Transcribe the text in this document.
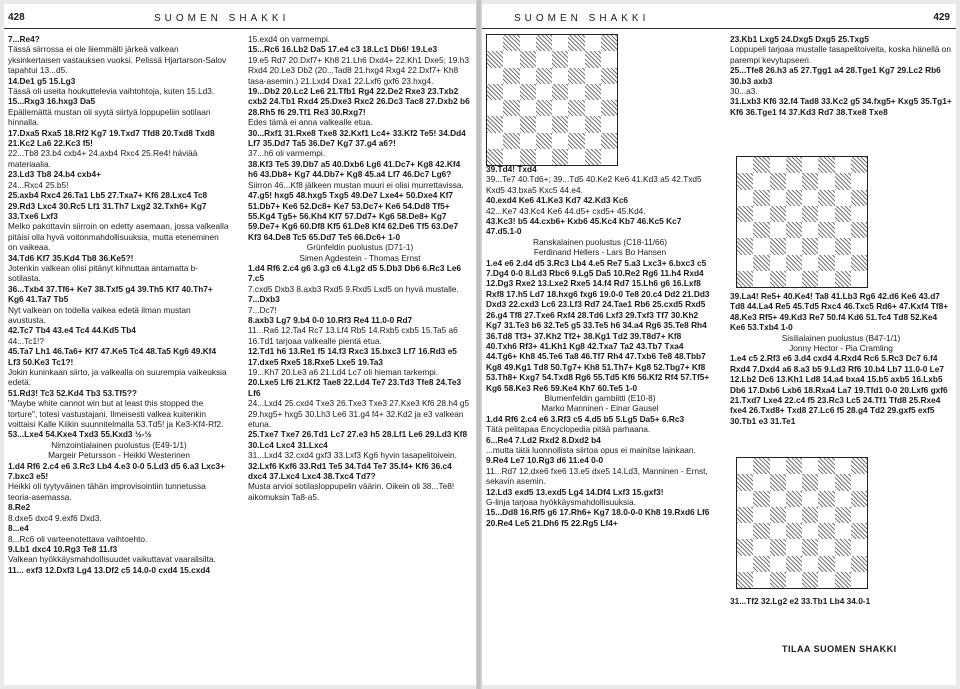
428	SUOMEN SHAKKI

7...Re4?

Tässä siirrossa ei ole liiemmälti järkeä valkean yksinkertaisen vastauksen vuoksi. Pelissä Hjartarson-Salov tapahtui 13...d5.

14.De1 g5 15.Lg3

Tässä oli useita houkuttelevia vaihtohtoja, kuten 15.Ld3.

15...Rxg3 16.hxg3 Da5

Epäilemättä mustan oli syytä siirtyä loppupeliin sotilaan hinnalla.

17.Dxa5 Rxa5 18.Rf2 Kg7 19.Txd7 Tfd8 20.Txd8 Txd8 21.Kc2 La6 22.Kc3 f5!

22...Tb8 23.b4 cxb4+ 24.axb4 Rxc4 25.Re4! häviää materiaalia.

23.Ld3 Tb8 24.b4 cxb4+

24...Rxc4 25.b5!

25.axb4 Rxc4 26.Ta1 Lb5 27.Txa7+ Kf6 28.Lxc4 Tc8 29.Rd3 Lxc4 30.Rc5 Lf1 31.Th7 Lxg2 32.Txh6+ Kg7 33.Txe6 Lxf3

Melko pakottavin siirroin on edetty asemaan, jossa valkealla pitäisi olla hyvä voitonmahdollisuuksia, mutta eteneminen on vaikeaa.

34.Td6 Kf7 35.Kd4 Tb8 36.Ke5?!

Jotenkin valkean olisi pitänyt kihnuttaa antamatta b-sotilasta.

36...Txb4 37.Tf6+ Ke7 38.Txf5 g4 39.Th5 Kf7 40.Th7+ Kg6 41.Ta7 Tb5

Nyt valkean on todella vaikea edetä ilman mustan avustusta.

42.Tc7 Tb4 43.e4 Tc4 44.Kd5 Tb4

44...Tc1!?

45.Ta7 Lh1 46.Ta6+ Kf7 47.Ke5 Tc4 48.Ta5 Kg6 49.Kf4 Lf3 50.Ke3 Tc1?!

Jokin kuninkaan siirto, ja valkealla on suurempia vaikeuksia edetä.

51.Rd3! Tc3 52.Kd4 Tb3 53.Tf5??

"Maybe white cannot win but at least this stopped the torture", totesi vastustajani. Ilmeisesti valkea kuitenkin voittaisi Kalle Kiikin suunnitelmalla 53.Td5! ja Ke3-Kf4-Rf2.

53...Lxe4 54.Kxe4 Txd3 55.Kxd3 ½-½

Nimzointialainen puolustus (E49-1/1)

Margeir Petursson - Heikki Westerinen

1.d4 Rf6 2.c4 e6 3.Rc3 Lb4 4.e3 0-0 5.Ld3 d5 6.a3 Lxc3+ 7.bxc3 e5!

Heikki oli tyytyväinen tähän improvisointiin tunnetussa teoria-asemassa.

8.Re2

8.dxe5 dxc4 9.exf6 Dxd3.

8...e4

8...Rc6 oli varteenotettava vaihtoehto.

9.Lb1 dxc4 10.Rg3 Te8 11.f3

Valkean hyökkäysmahdollisuudet vaikuttavat vaaralisilta.

11... exf3 12.Dxf3 Lg4 13.Df2 c5 14.0-0 cxd4 15.cxd4

15.exd4 on varmempi.

15...Rc6 16.Lb2 Da5 17.e4 c3 18.Lc1 Db6! 19.Le3

19.e5 Rd7 20.Dxf7+ Kh8 21.Lh6 Dxd4+ 22.Kh1 Dxe5; 19.h3 Rxd4 20.Le3 Db2 (20...Tad8 21.hxg4 Rxg4 22.Dxf7+ Kh8 tasa-asemin.) 21.Lxd4 Dxa1 22.Lxf6 gxf6 23.hxg4.

19...Db2 20.Lc2 Le6 21.Tfb1 Rg4 22.De2 Rxe3 23.Txb2 cxb2 24.Tb1 Rxd4 25.Dxe3 Rxc2 26.Dc3 Tac8 27.Dxb2 b6 28.Rh5 f6 29.Tf1 Re3 30.Rxg7!

Edes tämä ei anna valkealle etua.

30...Rxf1 31.Rxe8 Txe8 32.Kxf1 Lc4+ 33.Kf2 Te5! 34.Dd4 Lf7 35.Dd7 Ta5 36.De7 Kg7 37.g4 a6?!

37...h6 oli varmempi.

38.Kf3 Te5 39.Db7 a5 40.Dxb6 Lg6 41.Dc7+ Kg8 42.Kf4 h6 43.Db8+ Kg7 44.Db7+ Kg8 45.a4 Lf7 46.Dc7 Lg6?

Siirron 46...Kf8 jälkeen mustan muuri ei olisi murrettavissa.

47.g5! hxg5 48.hxg5 Txg5 49.De7 Lxe4+ 50.Dxe4 Kf7 51.Db7+ Ke6 52.Dc8+ Ke7 53.Dc7+ Ke6 54.Dd8 Tf5+ 55.Kg4 Tg5+ 56.Kh4 Kf7 57.Dd7+ Kg6 58.De8+ Kg7 59.De7+ Kg6 60.Df8 Kf5 61.De8 Kf4 62.De6 Tf5 63.De7 Kf3 64.De8 Tc5 65.Dd7 Te5 66.Dc6+ 1-0

Grünfeldin puolustus (D71-1)

Simen Agdestein - Thomas Ernst

1.d4 Rf6 2.c4 g6 3.g3 c6 4.Lg2 d5 5.Db3 Db6 6.Rc3 Le6 7.c5

7.cxd5 Dxb3 8.axb3 Rxd5 9.Rxd5 Lxd5 on hyvä mustalle.

7...Dxb3

7...Dc7!

8.axb3 Lg7 9.b4 0-0 10.Rf3 Re4 11.0-0 Rd7

11...Ra6 12.Ta4 Rc7 13.Lf4 Rb5 14.Rxb5 cxb5 15.Ta5 a6 16.Td1 tarjoaa valkealle pientä etua.

12.Td1 h6 13.Re1 f5 14.f3 Rxc3 15.bxc3 Lf7 16.Rd3 e5 17.dxe5 Rxe5 18.Rxe5 Lxe5 19.Ta3

19...Kh7 20.Le3 a6 21.Ld4 Lc7 oli hieman tarkempi.

20.Lxe5 Lf6 21.Kf2 Tae8 22.Ld4 Te7 23.Td3 Tfe8 24.Te3 Lf6

24...Lxd4 25.cxd4 Txe3 26.Txe3 Txe3 27.Kxe3 Kf6 28.h4 g5 29.hxg5+ hxg5 30.Lh3 Le6 31.g4 f4+ 32.Kd2 ja e3 valkean etuna.

25.Txe7 Txe7 26.Td1 Lc7 27.e3 h5 28.Lf1 Le6 29.Ld3 Kf8 30.Lc4 Lxc4 31.Lxc4

31...Lxd4 32.cxd4 gxf3 33.Lxf3 Kg6 hyvin tasapelitoivein.

32.Lxf6 Kxf6 33.Rd1 Te5 34.Td4 Te7 35.f4+ Kf6 36.c4 dxc4 37.Lxc4 Lxc4 38.Txc4 Td7?

Musta arvioi sotilasloppupelin väärin. Oikein oli 38...Te8! aikomuksin Ta8-a5.

SUOMEN SHAKKI	429

39.Td4! Txd4

39...Te7 40.Td6+; 39...Td5 40.Ke2 Ke6 41.Kd3 a5 42.Txd5 Kxd5 43.bxa5 Kxc5 44.e4.

40.exd4 Ke6 41.Ke3 Kd7 42.Kd3 Kc6

42...Ke7 43.Kc4 Ke6 44.d5+ cxd5+ 45.Kd4.

43.Kc3! b5 44.cxb6+ Kxb6 45.Kc4 Kb7 46.Kc5 Kc7 47.d5.1-0

Ranskalainen puolustus (C18-11/66)

Ferdinand Hellers - Lars Bo Hansen

1.e4 e6 2.d4 d5 3.Rc3 Lb4 4.e5 Re7 5.a3 Lxc3+ 6.bxc3 c5 7.Dg4 0-0 8.Ld3 Rbc6 9.Lg5 Da5 10.Re2 Rg6 11.h4 Rxd4 12.Dg3 Rxe2 13.Lxe2 Rxe5 14.f4 Rd7 15.Lh6 g6 16.Lxf8 Rxf8 17.h5 Ld7 18.hxg6 fxg6 19.0-0 Te8 20.c4 Dd2 21.Dd3 Dxd3 22.cxd3 Lc6 23.Lf3 Rd7 24.Tae1 Rb6 25.cxd5 Rxd5 26.g4 Tf8 27.Txe6 Rxf4 28.Td6 Lxf3 29.Txf3 Tf7 30.Kh2 Kg7 31.Te3 b6 32.Te5 g5 33.Te5 h6 34.a4 Rg6 35.Te8 Rh4 36.Td8 Tf3+ 37.Kh2 Tf2+ 38.Kg1 Td2 39.T8d7+ Kf8 40.Txh6 Rf3+ 41.Kh1 Kg8 42.Txa7 Ta2 43.Tb7 Txa4 44.Tg6+ Kh8 45.Te6 Ta8 46.Tf7 Rh4 47.Txb6 Te8 48.Tbb7 Kg8 49.Kg1 Td8 50.Tg7+ Kh8 51.Th7+ Kg8 52.Tbg7+ Kf8 53.Th8+ Kxg7 54.Txd8 Rg6 55.Td5 Kf6 56.Kf2 Rf4 57.Tf5+ Kg6 58.Ke3 Re6 59.Ke4 Kh7 60.Te5 1-0

Blumenfeldin gambiitti (E10-8)

Marko Manninen - Einar Gausel

1.d4 Rf6 2.c4 e6 3.Rf3 c5 4.d5 b5 5.Lg5 Da5+ 6.Rc3

Tätä pelitapaa Encyclopedia pitää parhaana.

6...Re4 7.Ld2 Rxd2 8.Dxd2 b4

...mutta tätä luonnollista siirtoa opus ei mainitse lainkaan.

9.Re4 Le7 10.Rg3 d6 11.e4 0-0

11...Rd7 12.dxe6 fxe6 13.e5 dxe5 14.Ld3, Manninen - Ernst, sekavin asemin.

12.Ld3 exd5 13.exd5 Lg4 14.Df4 Lxf3 15.gxf3!

G-linja tarjoaa hyökkäysmahdollisuuksia.

15...Dd8 16.Rf5 g6 17.Rh6+ Kg7 18.0-0-0 Kh8 19.Rxd6 Lf6 20.Re4 Le5 21.Dh6 f5 22.Rg5 Lf4+

23.Kb1 Lxg5 24.Dxg5 Dxg5 25.Txg5

Loppupeli tarjoaa mustalle tasapelitoiveita, koska hänellä on parempi kevytupseeri.

25...Tfe8 26.h3 a5 27.Tgg1 a4 28.Tge1 Kg7 29.Lc2 Rb6 30.b3 axb3

30...a3.

31.Lxb3 Kf6 32.f4 Tad8 33.Kc2 g5 34.fxg5+ Kxg5 35.Tg1+ Kf6 36.Tge1 f4 37.Kd3 Rd7 38.Txe8 Txe8

39.La4! Re5+ 40.Ke4! Ta8 41.Lb3 Rg6 42.d6 Ke6 43.d7 Td8 44.La4 Re5 45.Td5 Rxc4 46.Txc5 Rd6+ 47.Kxf4 Tf8+ 48.Ke3 Rf5+ 49.Kd3 Re7 50.f4 Kd6 51.Tc4 Td8 52.Ke4 Ke6 53.Txb4 1-0

Sisilialainen puolustus (B47-1/1)

Jonny Hector - Pia Cramling

1.e4 c5 2.Rf3 e6 3.d4 cxd4 4.Rxd4 Rc6 5.Rc3 Dc7 6.f4 Rxd4 7.Dxd4 a6 8.a3 b5 9.Ld3 Rf6 10.b4 Lb7 11.0-0 Le7 12.Lb2 Dc6 13.Kh1 Ld8 14.a4 bxa4 15.b5 axb5 16.Lxb5 Db6 17.Dxb6 Lxb6 18.Rxa4 La7 19.Tfd1 0-0 20.Lxf6 gxf6 21.Txd7 Lxe4 22.c4 f5 23.Rc3 Lc5 24.Tf1 Tfd8 25.Rxe4 fxe4 26.Txd8+ Txd8 27.Lc6 f5 28.g4 Td2 29.gxf5 exf5 30.Tb1 e3 31.Te1

31...Tf2 32.Lg2 e2 33.Tb1 Lb4 34.0-1
TILAA SUOMEN SHAKKI
